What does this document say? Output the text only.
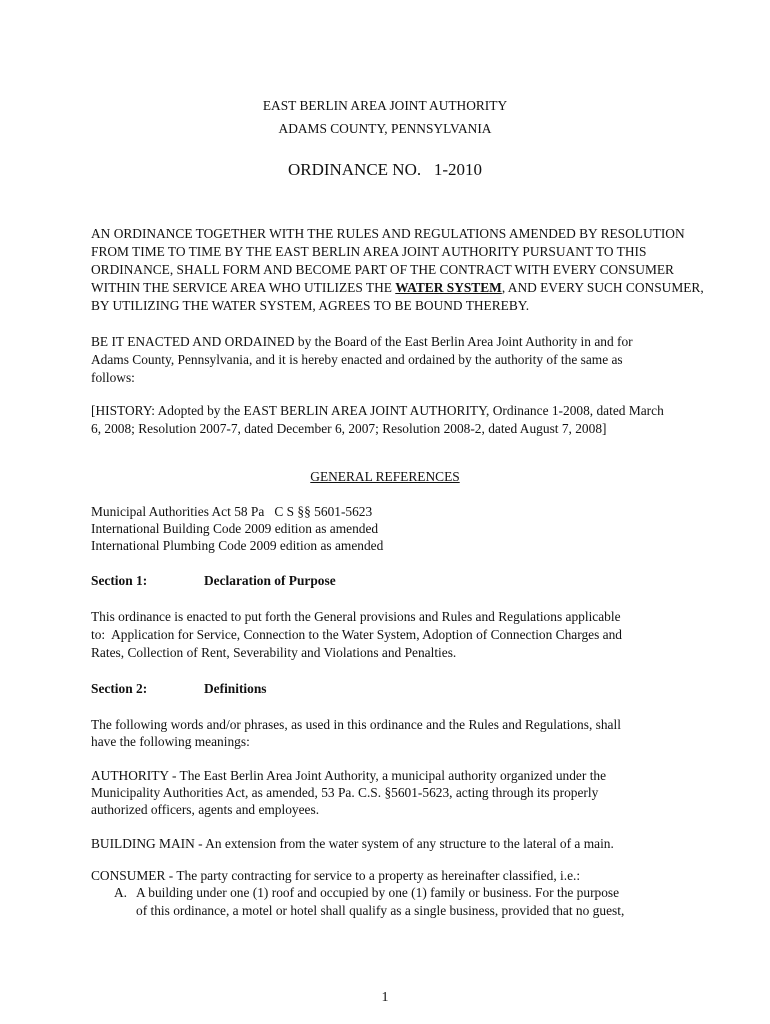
EAST BERLIN AREA JOINT AUTHORITY
ADAMS COUNTY, PENNSYLVANIA
ORDINANCE NO.   1-2010
AN ORDINANCE TOGETHER WITH THE RULES AND REGULATIONS AMENDED BY RESOLUTION
FROM TIME TO TIME BY THE EAST BERLIN AREA JOINT AUTHORITY PURSUANT TO THIS
ORDINANCE, SHALL FORM AND BECOME PART OF THE CONTRACT WITH EVERY CONSUMER
WITHIN THE SERVICE AREA WHO UTILIZES THE WATER SYSTEM, AND EVERY SUCH CONSUMER,
BY UTILIZING THE WATER SYSTEM, AGREES TO BE BOUND THEREBY.
BE IT ENACTED AND ORDAINED by the Board of the East Berlin Area Joint Authority in and for
Adams County, Pennsylvania, and it is hereby enacted and ordained by the authority of the same as
follows:
[HISTORY: Adopted by the EAST BERLIN AREA JOINT AUTHORITY, Ordinance 1-2008, dated March
6, 2008; Resolution 2007-7, dated December 6, 2007; Resolution 2008-2, dated August 7, 2008]
GENERAL REFERENCES
Municipal Authorities Act 58 Pa   C S §§ 5601-5623
International Building Code 2009 edition as amended
International Plumbing Code 2009 edition as amended
Section 1:	Declaration of Purpose
This ordinance is enacted to put forth the General provisions and Rules and Regulations applicable
to:  Application for Service, Connection to the Water System, Adoption of Connection Charges and
Rates, Collection of Rent, Severability and Violations and Penalties.
Section 2:	Definitions
The following words and/or phrases, as used in this ordinance and the Rules and Regulations, shall
have the following meanings:
AUTHORITY - The East Berlin Area Joint Authority, a municipal authority organized under the
Municipality Authorities Act, as amended, 53 Pa. C.S. §5601-5623, acting through its properly
authorized officers, agents and employees.
BUILDING MAIN - An extension from the water system of any structure to the lateral of a main.
CONSUMER - The party contracting for service to a property as hereinafter classified, i.e.:
A. A building under one (1) roof and occupied by one (1) family or business. For the purpose
of this ordinance, a motel or hotel shall qualify as a single business, provided that no guest,
1
